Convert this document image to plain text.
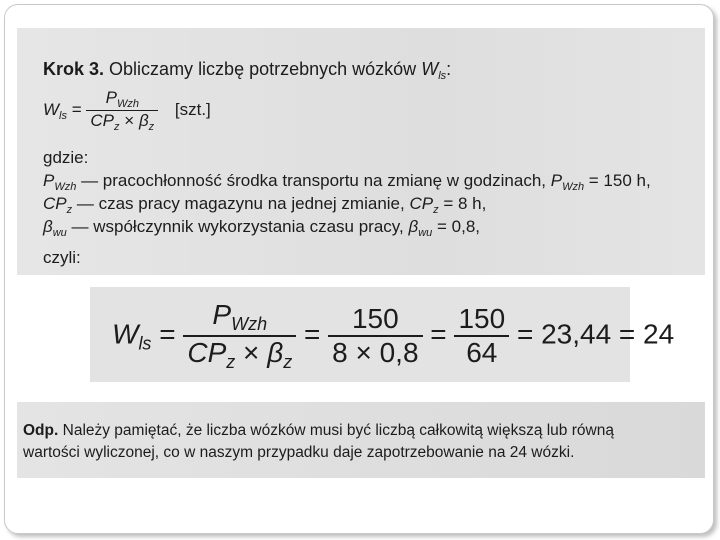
Krok 3. Obliczamy liczbę potrzebnych wózków $W_{ls}$:
$W_{ls} = \frac{P_{Wzh}}{CP_z \times \beta_z} [szt.]$
gdzie:
$P_{Wzh}$ — pracochłonność środka transportu na zmianę w godzinach, $P_{Wzh} = 150$ h,
$CP_z$ — czas pracy magazynu na jednej zmianie, $CP_z = 8$ h,
$\beta_{wu}$ — współczynnik wykorzystania czasu pracy, $\beta_{wu} = 0,8$,
czyli:
$W_{ls} = \frac{P_{Wzh}}{CP_z \times \beta_z} = \frac{150}{8 \times 0,8} = \frac{150}{64} = 23,44 = 24$
Odp. Należy pamiętać, że liczba wózków musi być liczbą całkowitą większą lub równą
wartości wyliczonej, co w naszym przypadku daje zapotrzebowanie na 24 wózki.
